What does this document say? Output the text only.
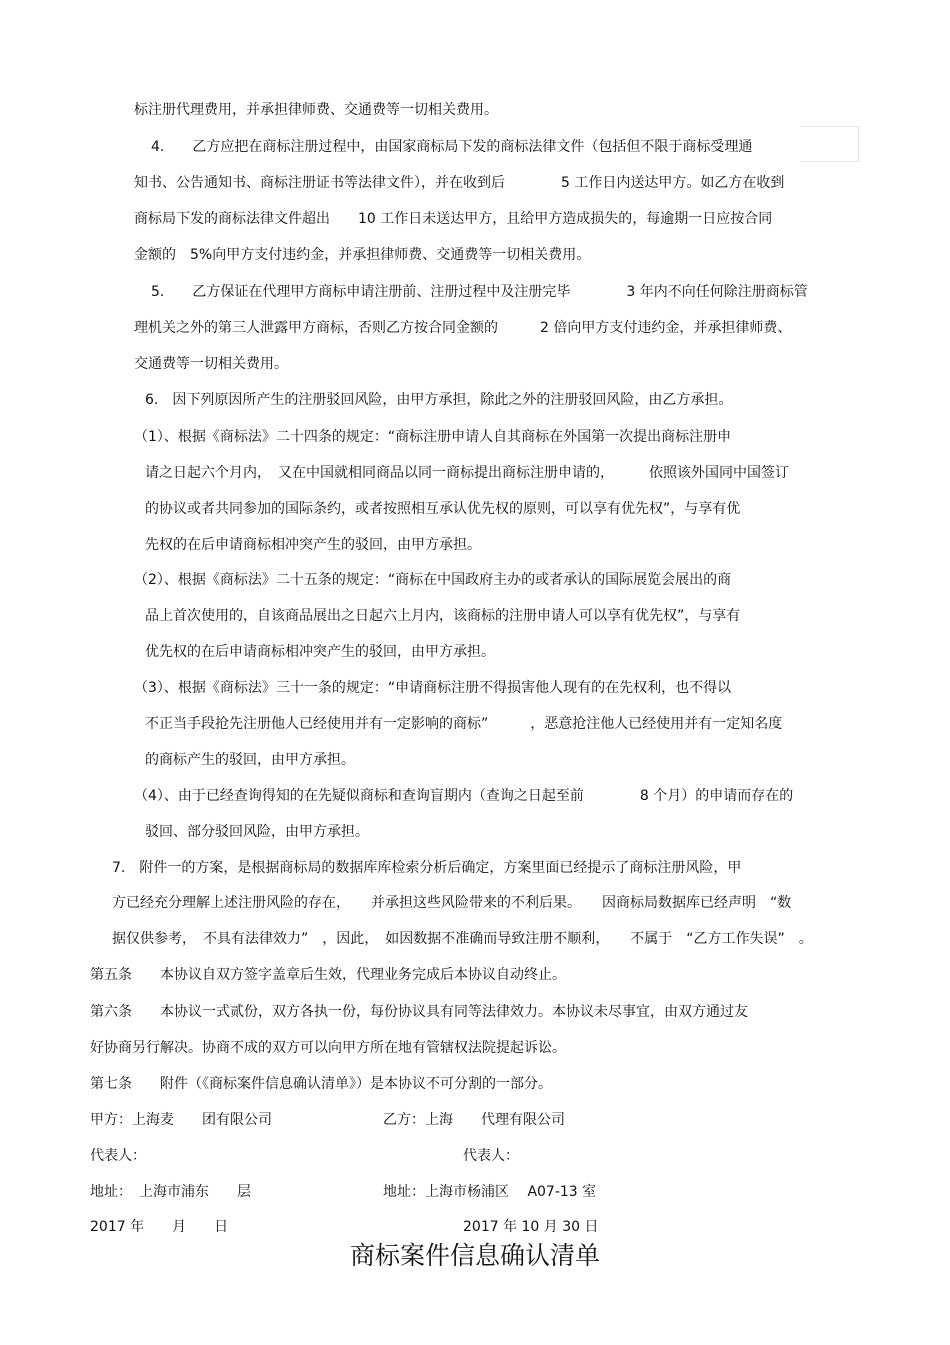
标注册代理费用，并承担律师费、交通费等一切相关费用。
4.　　乙方应把在商标注册过程中，由国家商标局下发的商标法律文件（包括但不限于商标受理通
知书、公告通知书、商标注册证书等法律文件），并在收到后　　　　5 工作日内送达甲方。如乙方在收到
商标局下发的商标法律文件超出　　10 工作日未送达甲方，且给甲方造成损失的，每逾期一日应按合同
金额的　5%向甲方支付违约金，并承担律师费、交通费等一切相关费用。
5.　　乙方保证在代理甲方商标申请注册前、注册过程中及注册完毕　　　　3 年内不向任何除注册商标管
理机关之外的第三人泄露甲方商标，否则乙方按合同金额的　　　2 倍向甲方支付违约金，并承担律师费、
交通费等一切相关费用。
6.　因下列原因所产生的注册驳回风险，由甲方承担，除此之外的注册驳回风险，由乙方承担。
（1）、根据《商标法》二十四条的规定：“商标注册申请人自其商标在外国第一次提出商标注册申
请之日起六个月内，　又在中国就相同商品以同一商标提出商标注册申请的，　　　依照该外国同中国签订
的协议或者共同参加的国际条约，或者按照相互承认优先权的原则，可以享有优先权”，与享有优
先权的在后申请商标相冲突产生的驳回，由甲方承担。
（2）、根据《商标法》二十五条的规定：“商标在中国政府主办的或者承认的国际展览会展出的商
品上首次使用的，自该商品展出之日起六上月内，该商标的注册申请人可以享有优先权”，与享有
优先权的在后申请商标相冲突产生的驳回，由甲方承担。
（3）、根据《商标法》三十一条的规定：“申请商标注册不得损害他人现有的在先权利，也不得以
不正当手段抢先注册他人已经使用并有一定影响的商标”　　　，恶意抢注他人已经使用并有一定知名度
的商标产生的驳回，由甲方承担。
（4）、由于已经查询得知的在先疑似商标和查询盲期内（查询之日起至前　　　　8 个月）的申请而存在的
驳回、部分驳回风险，由甲方承担。
7.　附件一的方案，是根据商标局的数据库库检索分析后确定，方案里面已经提示了商标注册风险，甲
方已经充分理解上述注册风险的存在，　　并承担这些风险带来的不利后果。　　因商标局数据库已经声明　“数
据仅供参考，　不具有法律效力”　，因此，　如因数据不准确而导致注册不顺利，　　不属于　“乙方工作失误”　。
第五条　　本协议自双方签字盖章后生效，代理业务完成后本协议自动终止。
第六条　　本协议一式贰份，双方各执一份，每份协议具有同等法律效力。本协议未尽事宜，由双方通过友
好协商另行解决。协商不成的双方可以向甲方所在地有管辖权法院提起诉讼。
第七条　　附件（《商标案件信息确认清单》）是本协议不可分割的一部分。
甲方：上海麦　　团有限公司	乙方：上海　　代理有限公司
代表人：	代表人：
地址：　上海市浦东　　层	地址：上海市杨浦区　 A07-13 室
2017 年　　月　　日	2017 年 10 月 30 日
商标案件信息确认清单
